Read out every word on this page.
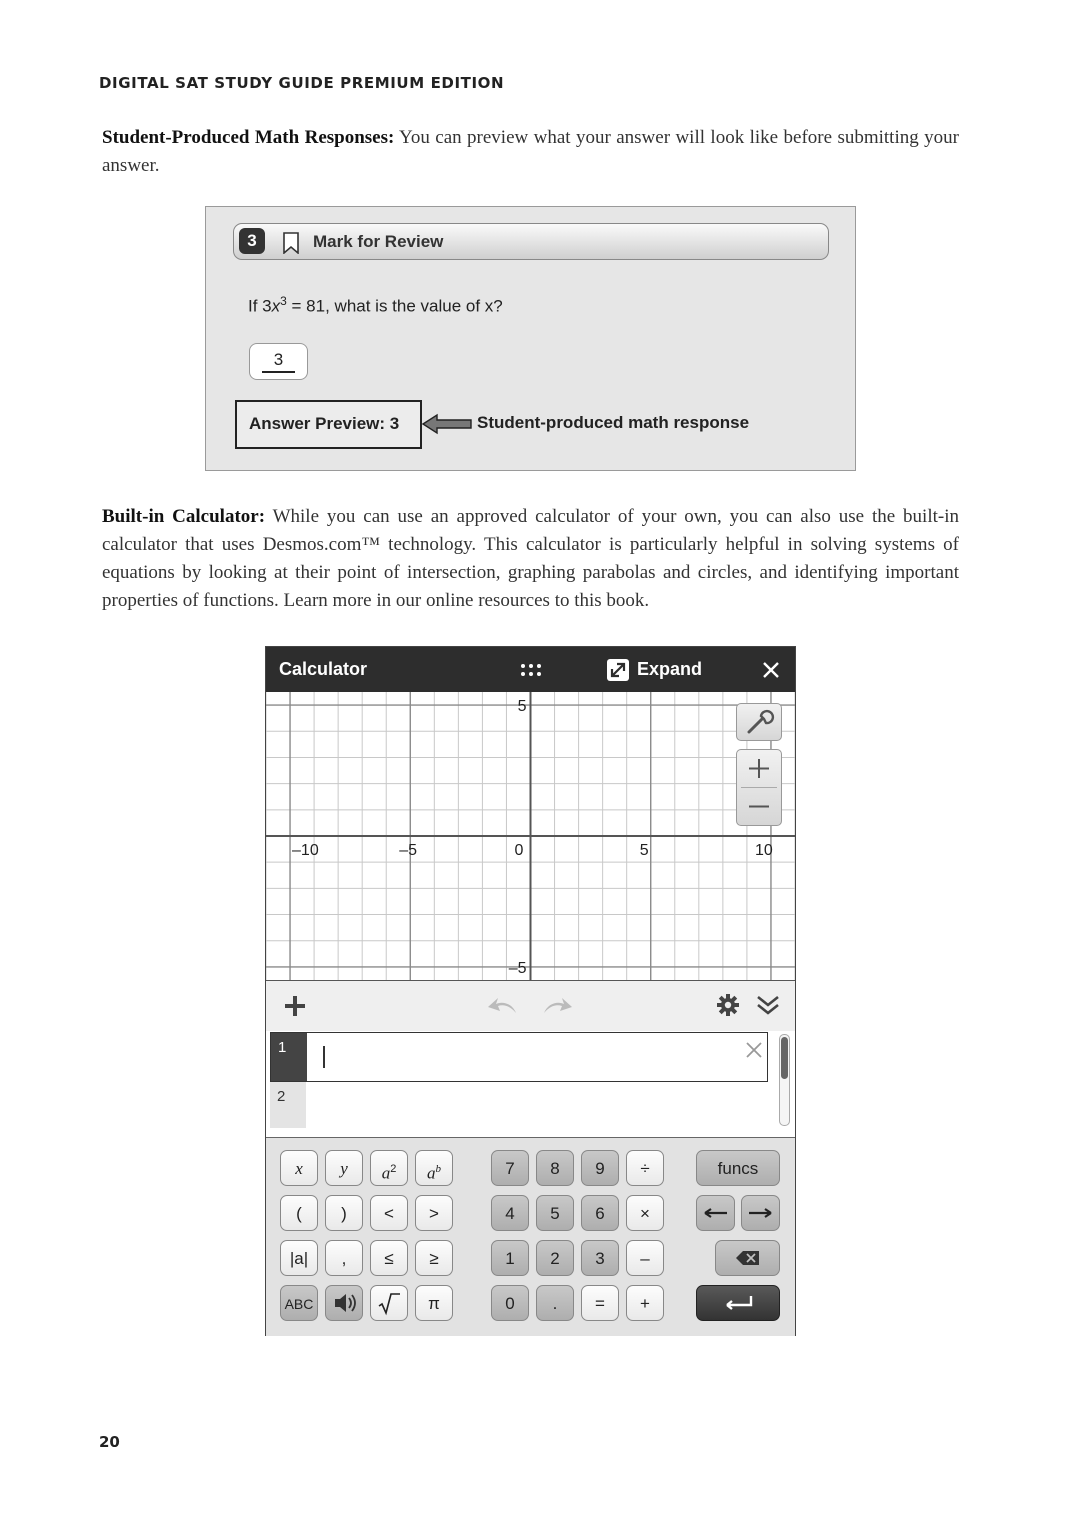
DIGITAL SAT STUDY GUIDE PREMIUM EDITION
Student-Produced Math Responses: You can preview what your answer will look like before submitting your answer.
3	Mark for Review
If $3x^3 = 81$, what is the value of x?
3
Answer Preview: 3	Student-produced math response
Built-in Calculator: While you can use an approved calculator of your own, you can also use the built-in calculator that uses Desmos.com™ technology. This calculator is particularly helpful in solving systems of equations by looking at their point of intersection, graphing parabolas and circles, and identifying important properties of functions. Learn more in our online resources to this book.
Calculator	Expand
–10	–5	0	5	10
5
–5
1
2
funcs
x	y	$a^2$	$a^b$
(	)	<	>
|a|	,	≤	≥
ABC	π
7	8	9	÷
4	5	6	×
1	2	3	–
0	.	=	+
20
